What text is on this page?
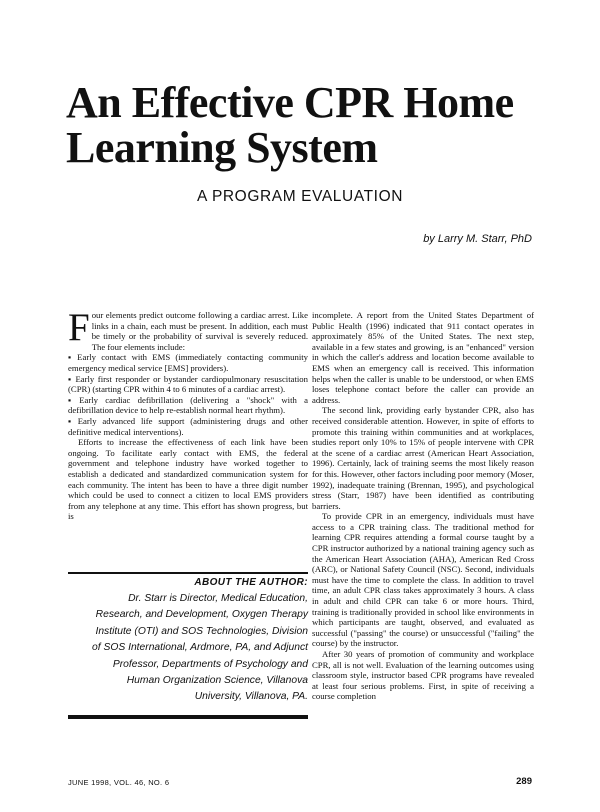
An Effective CPR Home
Learning System
A PROGRAM EVALUATION
by Larry M. Starr, PhD

Four elements predict outcome following a cardiac arrest. Like links in a chain, each must be present. In addition, each must be timely or the probability of survival is severely reduced. The four elements include:

▪ Early contact with EMS (immediately contacting community emergency medical service [EMS] providers).
▪ Early first responder or bystander cardiopulmonary resuscitation (CPR) (starting CPR within 4 to 6 minutes of a cardiac arrest).
▪ Early cardiac defibrillation (delivering a "shock" with a defibrillation device to help re-establish normal heart rhythm).
▪ Early advanced life support (administering drugs and other definitive medical interventions).

Efforts to increase the effectiveness of each link have been ongoing. To facilitate early contact with EMS, the federal government and telephone industry have worked together to establish a dedicated and standardized communication system for each community. The intent has been to have a three digit number which could be used to connect a citizen to local EMS providers from any telephone at any time. This effort has shown progress, but is

ABOUT THE AUTHOR:
Dr. Starr is Director, Medical Education,
Research, and Development, Oxygen Therapy
Institute (OTI) and SOS Technologies, Division
of SOS International, Ardmore, PA, and Adjunct
Professor, Departments of Psychology and
Human Organization Science, Villanova
University, Villanova, PA.

incomplete. A report from the United States Department of Public Health (1996) indicated that 911 contact operates in approximately 85% of the United States. The next step, available in a few states and growing, is an "enhanced" version in which the caller's address and location become available to EMS when an emergency call is received. This information helps when the caller is unable to be understood, or when EMS loses telephone contact before the caller can provide an address.

The second link, providing early bystander CPR, also has received considerable attention. However, in spite of efforts to promote this training within communities and at workplaces, studies report only 10% to 15% of people intervene with CPR at the scene of a cardiac arrest (American Heart Association, 1996). Certainly, lack of training seems the most likely reason for this. However, other factors including poor memory (Moser, 1992), inadequate training (Brennan, 1995), and psychological stress (Starr, 1987) have been identified as contributing barriers.

To provide CPR in an emergency, individuals must have access to a CPR training class. The traditional method for learning CPR requires attending a formal course taught by a CPR instructor authorized by a national training agency such as the American Heart Association (AHA), American Red Cross (ARC), or National Safety Council (NSC). Second, individuals must have the time to complete the class. In addition to travel time, an adult CPR class takes approximately 3 hours. A class in adult and child CPR can take 6 or more hours. Third, training is traditionally provided in school like environments in which participants are taught, observed, and evaluated as successful ("passing" the course) or unsuccessful ("failing" the course) by the instructor.

After 30 years of promotion of community and workplace CPR, all is not well. Evaluation of the learning outcomes using classroom style, instructor based CPR programs have revealed at least four serious problems. First, in spite of receiving a course completion

JUNE 1998, VOL. 46, NO. 6	289
